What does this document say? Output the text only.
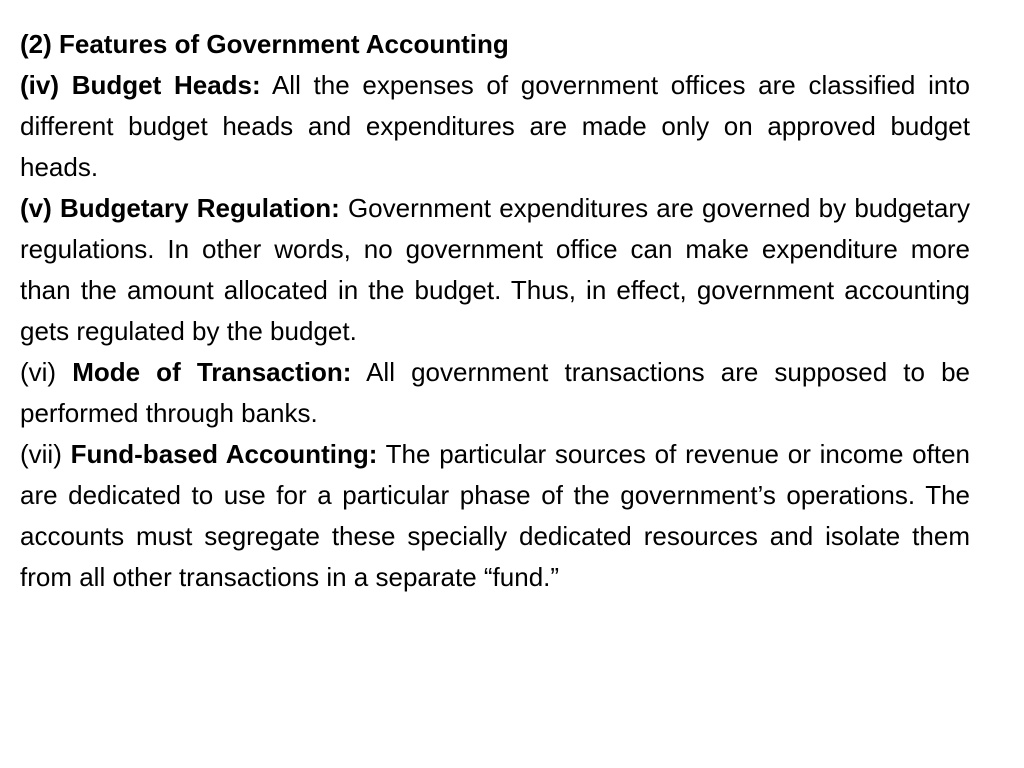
(2) Features of Government Accounting

(iv) Budget Heads: All the expenses of government offices are classified into different budget heads and expenditures are made only on approved budget heads.

(v) Budgetary Regulation: Government expenditures are governed by budgetary regulations. In other words, no government office can make expenditure more than the amount allocated in the budget. Thus, in effect, government accounting gets regulated by the budget.

(vi) Mode of Transaction: All government transactions are supposed to be performed through banks.

(vii) Fund-based Accounting: The particular sources of revenue or income often are dedicated to use for a particular phase of the government’s operations. The accounts must segregate these specially dedicated resources and isolate them from all other transactions in a separate “fund.”
